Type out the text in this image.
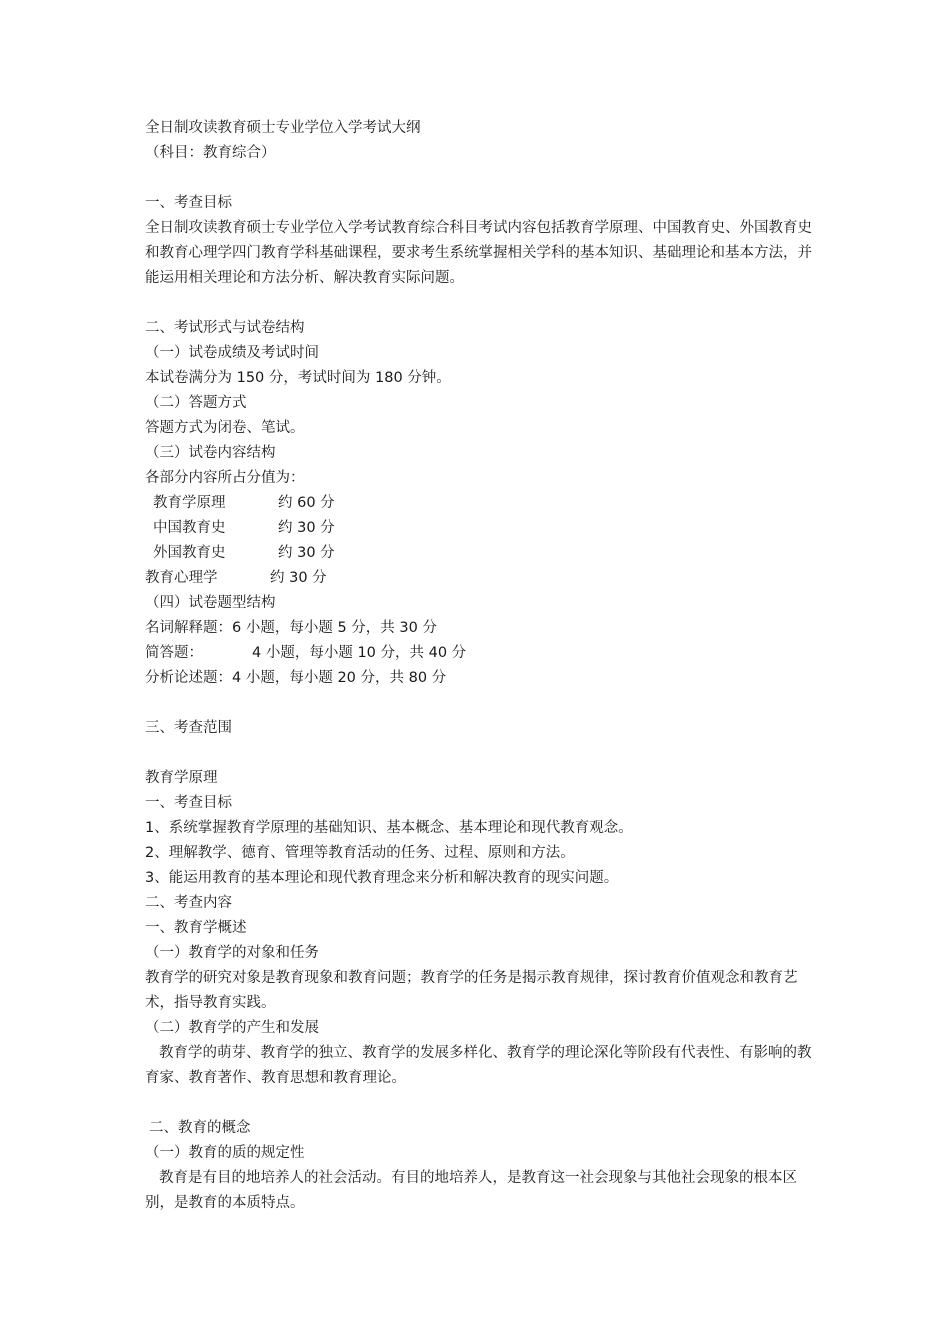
全日制攻读教育硕士专业学位入学考试大纲
（科目：教育综合）
一、考查目标
全日制攻读教育硕士专业学位入学考试教育综合科目考试内容包括教育学原理、中国教育史、外国教育史和教育心理学四门教育学科基础课程，要求考生系统掌握相关学科的基本知识、基础理论和基本方法，并能运用相关理论和方法分析、解决教育实际问题。
二、考试形式与试卷结构
（一）试卷成绩及考试时间
本试卷满分为 150 分，考试时间为 180 分钟。
（二）答题方式
答题方式为闭卷、笔试。
（三）试卷内容结构
各部分内容所占分值为：
教育学原理	约 60 分
中国教育史	约 30 分
外国教育史	约 30 分
教育心理学	约 30 分
（四）试卷题型结构
名词解释题： 6 小题，每小题 5 分，共 30 分
简答题：	4 小题，每小题 10 分，共 40 分
分析论述题： 4 小题，每小题 20 分，共 80 分
三、考查范围
教育学原理
一、考查目标
1、系统掌握教育学原理的基础知识、基本概念、基本理论和现代教育观念。
2、理解教学、德育、管理等教育活动的任务、过程、原则和方法。
3、能运用教育的基本理论和现代教育理念来分析和解决教育的现实问题。
二、考查内容
一、教育学概述
（一）教育学的对象和任务
教育学的研究对象是教育现象和教育问题；教育学的任务是揭示教育规律，探讨教育价值观念和教育艺术，指导教育实践。
（二）教育学的产生和发展
教育学的萌芽、教育学的独立、教育学的发展多样化、教育学的理论深化等阶段有代表性、有影响的教育家、教育著作、教育思想和教育理论。
二、教育的概念
（一）教育的质的规定性
教育是有目的地培养人的社会活动。有目的地培养人，是教育这一社会现象与其他社会现象的根本区别，是教育的本质特点。
